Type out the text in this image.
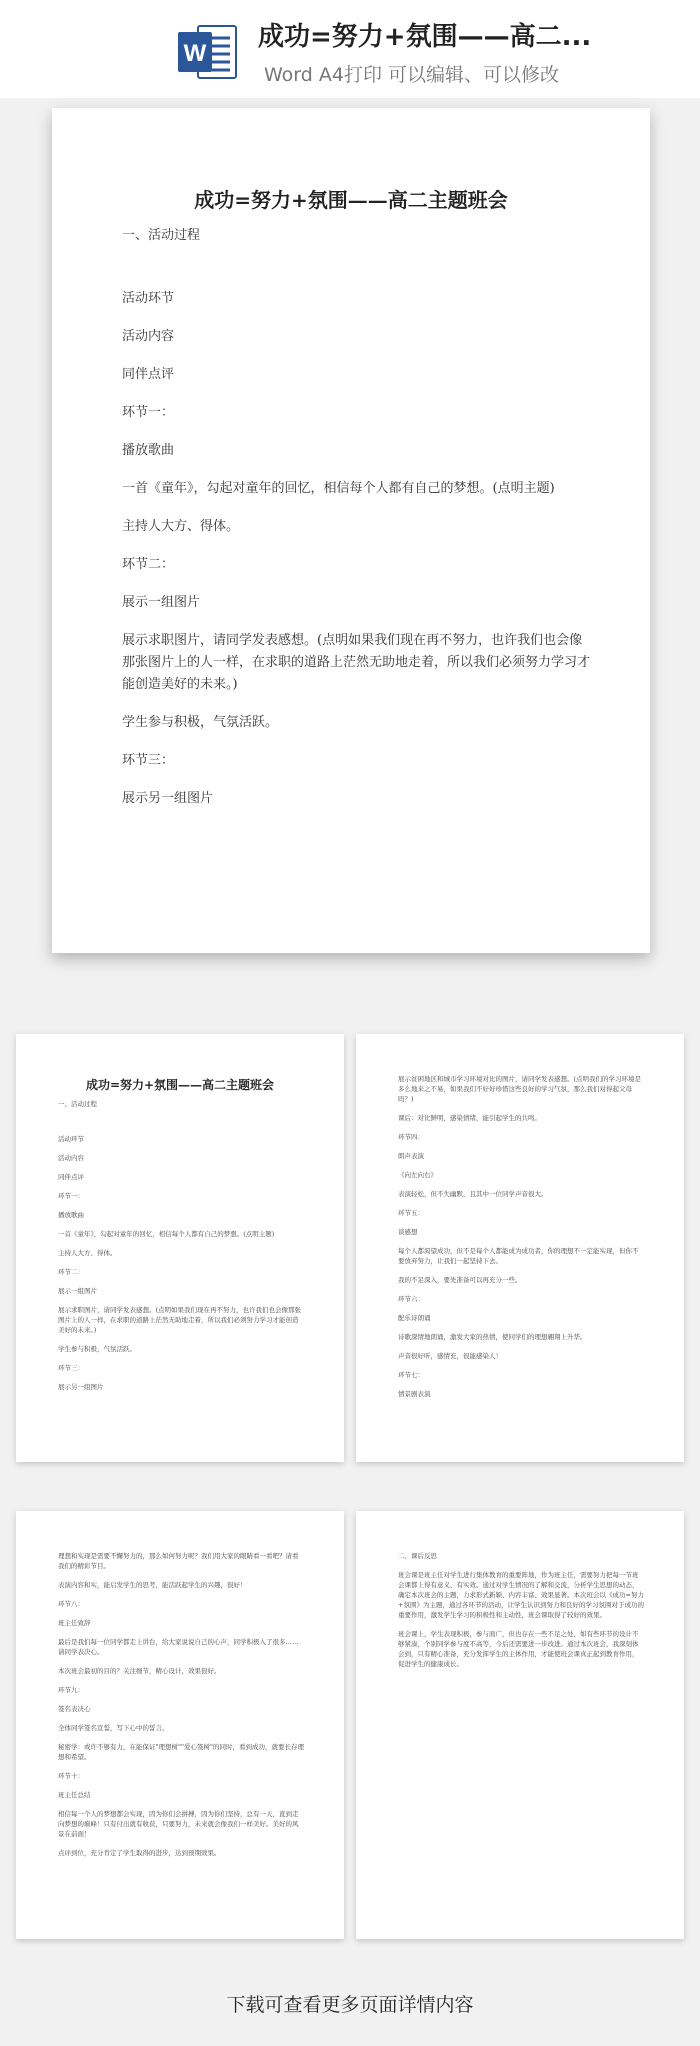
W
成功=努力+氛围——高二...
Word A4打印 可以编辑、可以修改
成功=努力+氛围——高二主题班会
一、活动过程

活动环节

活动内容

同伴点评

环节一：

播放歌曲

一首《童年》，勾起对童年的回忆，相信每个人都有自己的梦想。(点明主题)

主持人大方、得体。

环节二：

展示一组图片

展示求职图片，请同学发表感想。(点明如果我们现在再不努力，也许我们也会像那张图片上的人一样，在求职的道路上茫然无助地走着，所以我们必须努力学习才能创造美好的未来。)

学生参与积极，气氛活跃。

环节三：

展示另一组图片

成功=努力+氛围——高二主题班会
一、活动过程

活动环节

活动内容

同伴点评

环节一：

播放歌曲

一首《童年》，勾起对童年的回忆，相信每个人都有自己的梦想。(点明主题)

主持人大方、得体。

环节二：

展示一组图片

展示求职图片，请同学发表感想。(点明如果我们现在再不努力，也许我们也会像那张图片上的人一样，在求职的道路上茫然无助地走着，所以我们必须努力学习才能创造美好的未来。)

学生参与积极，气氛活跃。

环节三：

展示另一组图片

展示贫困地区和城市学习环境对比的图片，请同学发表感想。(点明我们的学习环境是多么地来之不易，如果我们不好好珍惜这些良好的学习气氛，那么我们对得起父母吗？)

课后：对比鲜明，感染情绪，能引起学生的共鸣。

环节四：

朗声表演

《向左向右》

表演轻松，但不失幽默，且其中一位同学声音很大。

环节五：

谈感想

每个人都渴望成功，但不是每个人都能成为成功者，你的理想不一定能实现，但你不要放弃努力，让我们一起坚持下去。

我的不足深入，要先准备可以再充分一些。

环节六：

配乐诗朗诵

诗歌深情地朗诵，激发大家的热情，使同学们的理想翱翔上升华。

声音很好听，感情充，很能感染人！

环节七：

情景剧表演

理想和实现是需要不懈努力的，那么如何努力呢？我们用大家的眼睛看一看吧？请看我们的精彩节目。

表演内容和实，能启发学生的思考，能活跃起学生的兴趣，很好！

环节八：

班主任致辞

最后是我们每一位同学都走上讲台，给大家说说自己的心声，同学积极入了很多……请同学表决心。

本次班会最初的目的？关注细节，精心设计，效果很好。

环节九：

签名表决心

全体同学签名宣誓，写下心中的誓言。

秘密学：或许不够有力，在能保证"理想树""爱心签树"的同时，看到成功，就要长存理想和希望。

环节十：

班主任总结

相信每一个人的梦想都会实现，因为你们会拼搏，因为你们坚持，总有一天，直到走向梦想的巅峰！只有付出就有收获，只要努力，未来就会像我们一样美好。美好的风景在前面！

点评到位，充分肯定了学生取得的进步，达到预期效果。

二、课后反思

班会课是班主任对学生进行集体教育的重要阵地，作为班主任，需要努力把每一节班会课都上得有意义、有实效。通过对学生情况的了解和交流，分析学生思想的动态，确定本次班会的主题，力求形式新颖、内容丰富、效果显著。本次班会以《成功=努力+氛围》为主题，通过各环节的活动，让学生认识到努力和良好的学习氛围对于成功的重要作用，激发学生学习的积极性和主动性，班会课取得了较好的效果。

班会课上，学生表现积极，参与面广，但也存在一些不足之处，如有些环节的设计不够紧凑，个别同学参与度不高等，今后还需要进一步改进。通过本次班会，我深刻体会到，只有精心准备，充分发挥学生的主体作用，才能使班会课真正起到教育作用，促进学生的健康成长。

下载可查看更多页面详情内容
